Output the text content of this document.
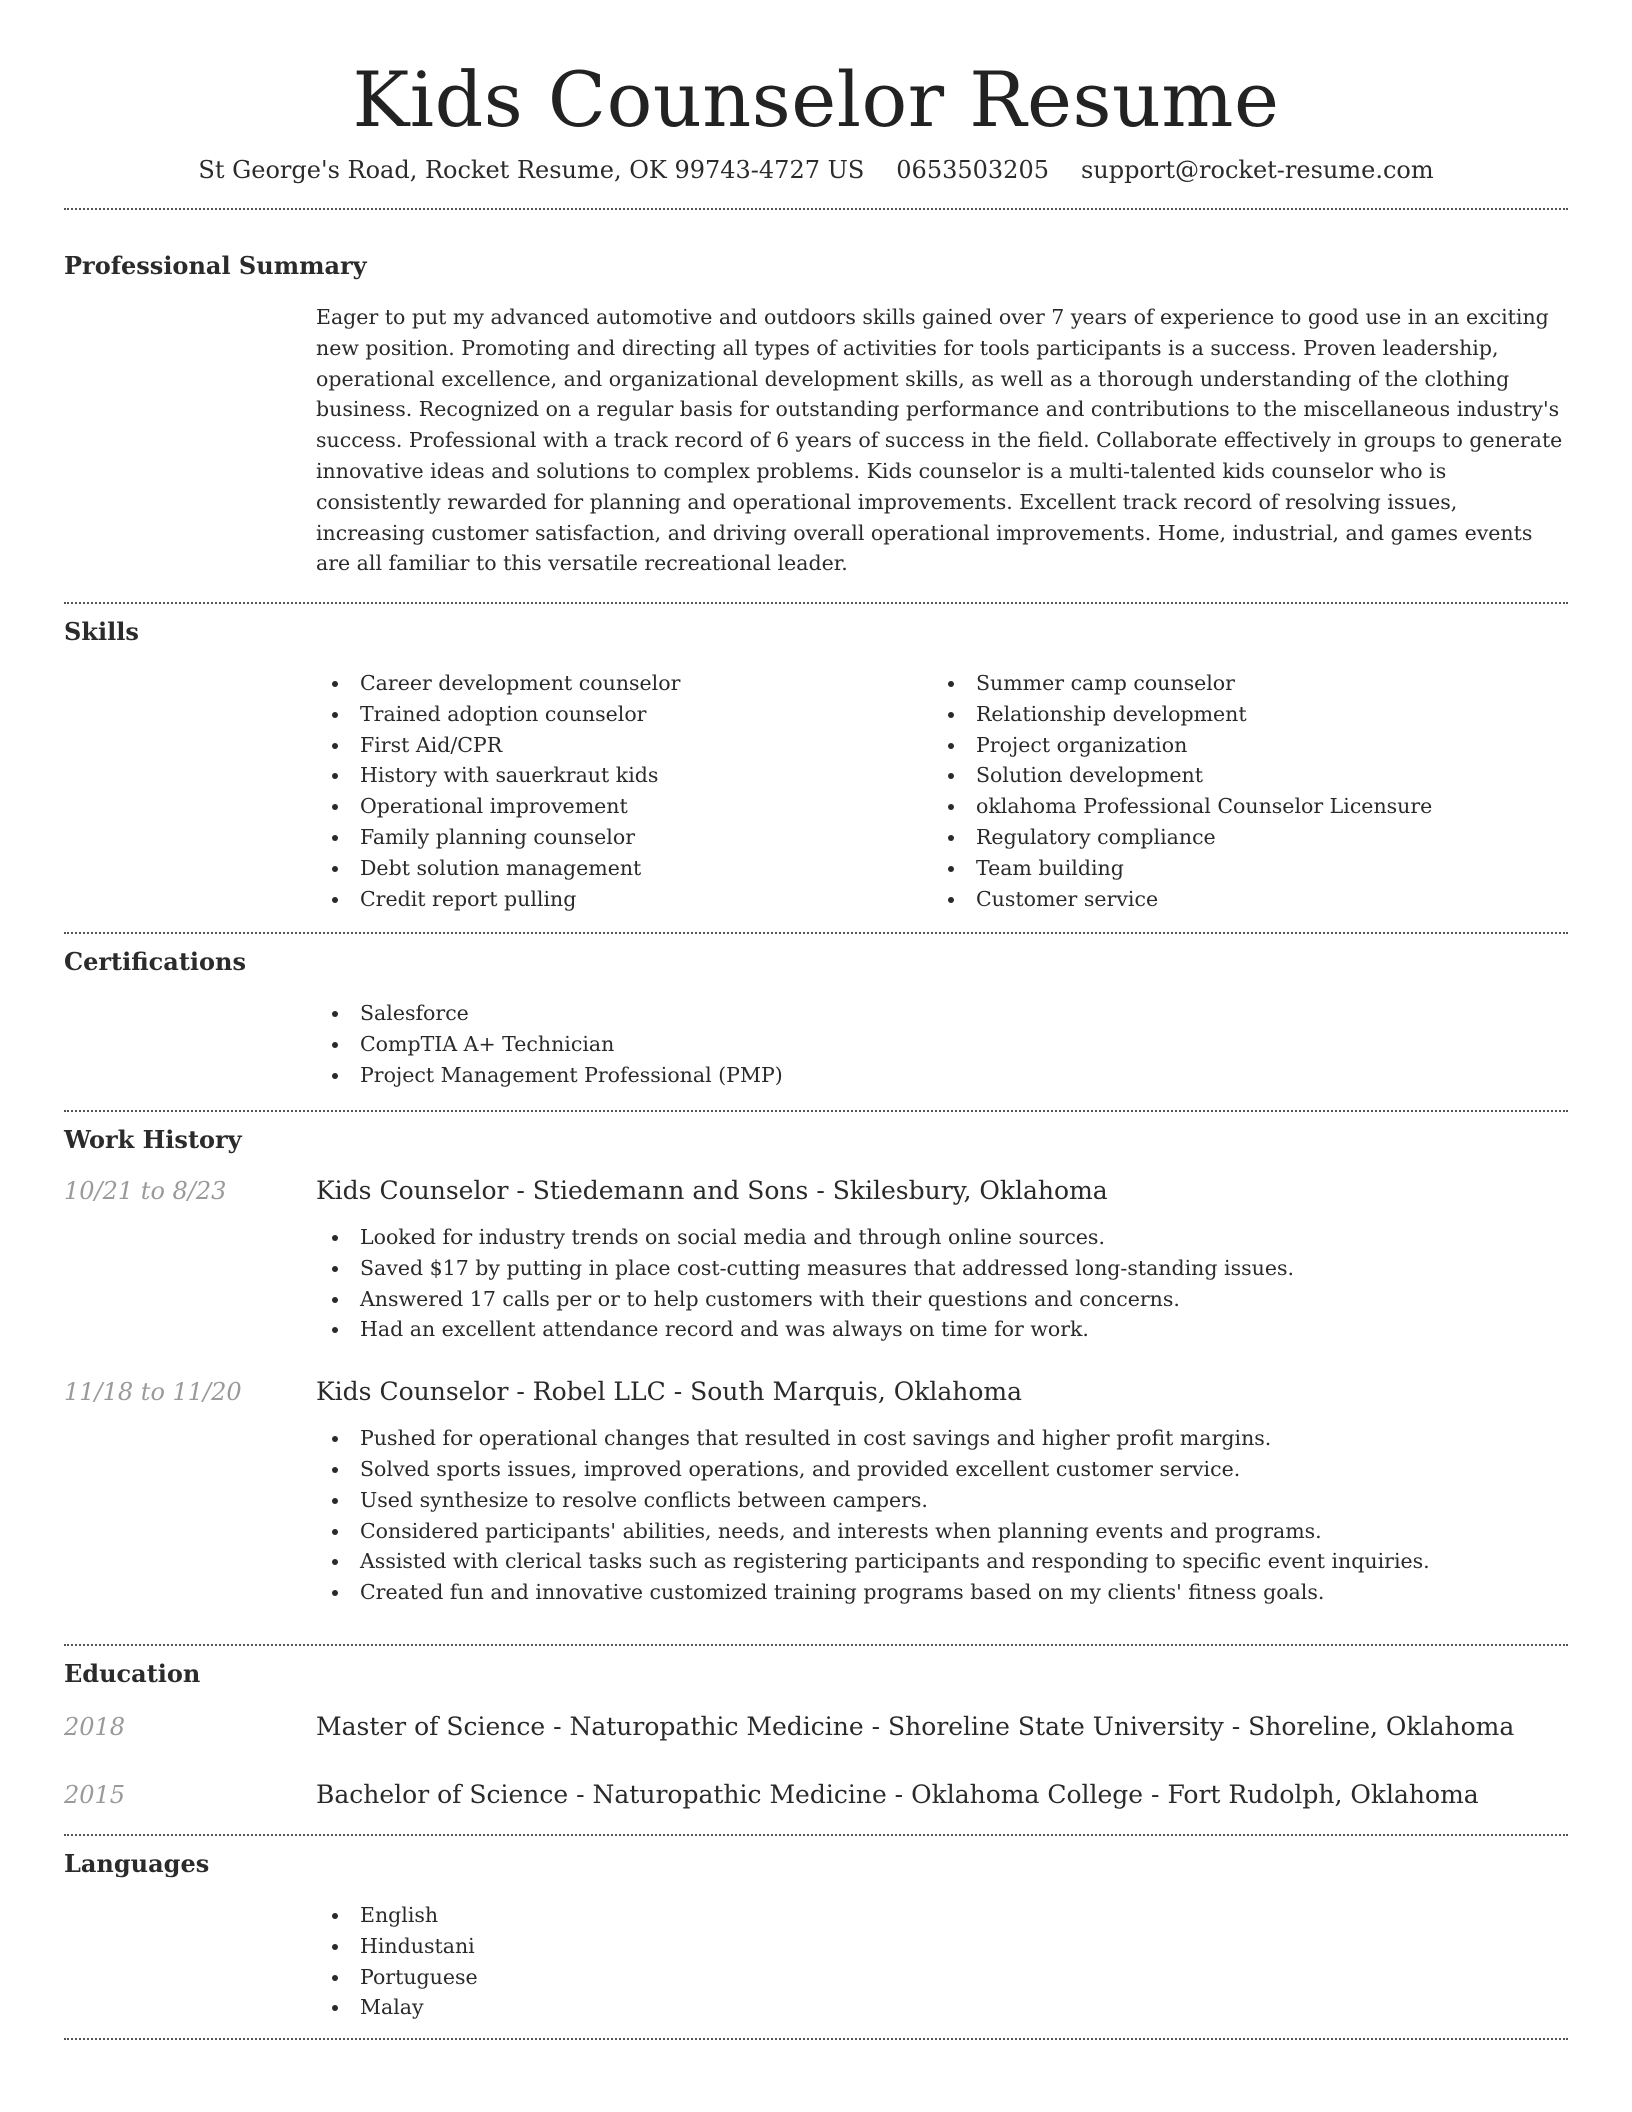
Kids Counselor Resume
St George's Road, Rocket Resume, OK 99743-4727 US 0653503205 support@rocket-resume.com
Professional Summary

Eager to put my advanced automotive and outdoors skills gained over 7 years of experience to good use in an exciting new position. Promoting and directing all types of activities for tools participants is a success. Proven leadership, operational excellence, and organizational development skills, as well as a thorough understanding of the clothing business. Recognized on a regular basis for outstanding performance and contributions to the miscellaneous industry's success. Professional with a track record of 6 years of success in the field. Collaborate effectively in groups to generate innovative ideas and solutions to complex problems. Kids counselor is a multi-talented kids counselor who is consistently rewarded for planning and operational improvements. Excellent track record of resolving issues, increasing customer satisfaction, and driving overall operational improvements. Home, industrial, and games events are all familiar to this versatile recreational leader.

Skills
Career development counselor
Trained adoption counselor
First Aid/CPR
History with sauerkraut kids
Operational improvement
Family planning counselor
Debt solution management
Credit report pulling
Summer camp counselor
Relationship development
Project organization
Solution development
oklahoma Professional Counselor Licensure
Regulatory compliance
Team building
Customer service
Certifications
Salesforce
CompTIA A+ Technician
Project Management Professional (PMP)
Work History
10/21 to 8/23	Kids Counselor - Stiedemann and Sons - Skilesbury, Oklahoma
Looked for industry trends on social media and through online sources.
Saved $17 by putting in place cost-cutting measures that addressed long-standing issues.
Answered 17 calls per or to help customers with their questions and concerns.
Had an excellent attendance record and was always on time for work.
11/18 to 11/20	Kids Counselor - Robel LLC - South Marquis, Oklahoma
Pushed for operational changes that resulted in cost savings and higher profit margins.
Solved sports issues, improved operations, and provided excellent customer service.
Used synthesize to resolve conflicts between campers.
Considered participants' abilities, needs, and interests when planning events and programs.
Assisted with clerical tasks such as registering participants and responding to specific event inquiries.
Created fun and innovative customized training programs based on my clients' fitness goals.
Education
2018	Master of Science - Naturopathic Medicine - Shoreline State University - Shoreline, Oklahoma
2015	Bachelor of Science - Naturopathic Medicine - Oklahoma College - Fort Rudolph, Oklahoma
Languages
English
Hindustani
Portuguese
Malay
